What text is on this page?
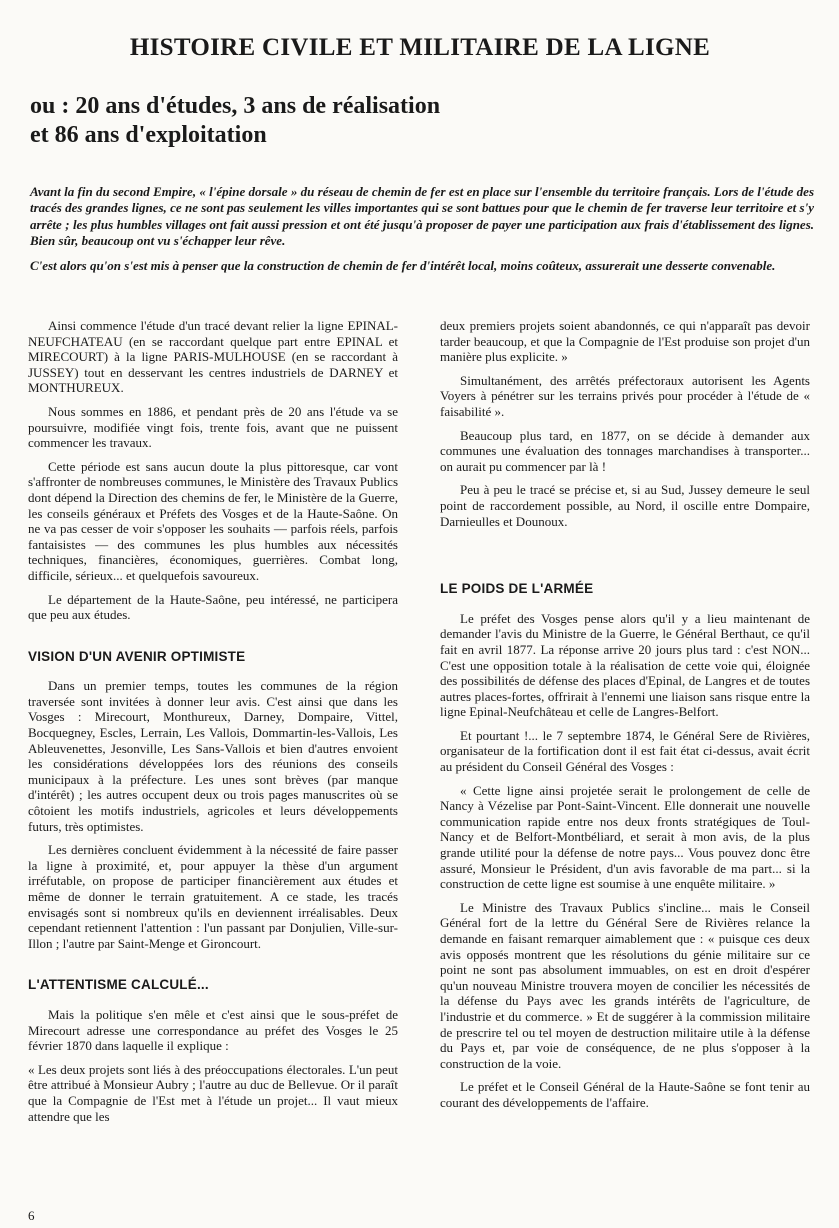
HISTOIRE CIVILE ET MILITAIRE DE LA LIGNE
ou : 20 ans d'études, 3 ans de réalisation
et 86 ans d'exploitation

Avant la fin du second Empire, « l'épine dorsale » du réseau de chemin de fer est en place sur l'ensemble du territoire français. Lors de l'étude des tracés des grandes lignes, ce ne sont pas seulement les villes importantes qui se sont battues pour que le chemin de fer traverse leur territoire et s'y arrête ; les plus humbles villages ont fait aussi pression et ont été jusqu'à proposer de payer une participation aux frais d'établissement des lignes. Bien sûr, beaucoup ont vu s'échapper leur rêve.

C'est alors qu'on s'est mis à penser que la construction de chemin de fer d'intérêt local, moins coûteux, assurerait une desserte convenable.

Ainsi commence l'étude d'un tracé devant relier la ligne EPINAL-NEUFCHATEAU (en se raccordant quelque part entre EPINAL et MIRECOURT) à la ligne PARIS-MULHOUSE (en se raccordant à JUSSEY) tout en desservant les centres industriels de DARNEY et MONTHUREUX.

Nous sommes en 1886, et pendant près de 20 ans l'étude va se poursuivre, modifiée vingt fois, trente fois, avant que ne puissent commencer les travaux.

Cette période est sans aucun doute la plus pittoresque, car vont s'affronter de nombreuses communes, le Ministère des Travaux Publics dont dépend la Direction des chemins de fer, le Ministère de la Guerre, les conseils généraux et Préfets des Vosges et de la Haute-Saône. On ne va pas cesser de voir s'opposer les souhaits — parfois réels, parfois fantaisistes — des communes les plus humbles aux nécessités techniques, financières, économiques, guerrières. Combat long, difficile, sérieux... et quelquefois savoureux.

Le département de la Haute-Saône, peu intéressé, ne participera que peu aux études.

VISION D'UN AVENIR OPTIMISTE

Dans un premier temps, toutes les communes de la région traversée sont invitées à donner leur avis. C'est ainsi que dans les Vosges : Mirecourt, Monthureux, Darney, Dompaire, Vittel, Bocquegney, Escles, Lerrain, Les Vallois, Dommartin-les-Vallois, Les Ableuvenettes, Jesonville, Les Sans-Vallois et bien d'autres envoient les considérations développées lors des réunions des conseils municipaux à la préfecture. Les unes sont brèves (par manque d'intérêt) ; les autres occupent deux ou trois pages manuscrites où se côtoient les motifs industriels, agricoles et leurs développements futurs, très optimistes.

Les dernières concluent évidemment à la nécessité de faire passer la ligne à proximité, et, pour appuyer la thèse d'un argument irréfutable, on propose de participer financièrement aux études et même de donner le terrain gratuitement. A ce stade, les tracés envisagés sont si nombreux qu'ils en deviennent irréalisables. Deux cependant retiennent l'attention : l'un passant par Donjulien, Ville-sur-Illon ; l'autre par Saint-Menge et Gironcourt.

L'ATTENTISME CALCULÉ...

Mais la politique s'en mêle et c'est ainsi que le sous-préfet de Mirecourt adresse une correspondance au préfet des Vosges le 25 février 1870 dans laquelle il explique :

« Les deux projets sont liés à des préoccupations électorales. L'un peut être attribué à Monsieur Aubry ; l'autre au duc de Bellevue. Or il paraît que la Compagnie de l'Est met à l'étude un projet... Il vaut mieux attendre que les

deux premiers projets soient abandonnés, ce qui n'apparaît pas devoir tarder beaucoup, et que la Compagnie de l'Est produise son projet d'un manière plus explicite. »

Simultanément, des arrêtés préfectoraux autorisent les Agents Voyers à pénétrer sur les terrains privés pour procéder à l'étude de « faisabilité ».

Beaucoup plus tard, en 1877, on se décide à demander aux communes une évaluation des tonnages marchandises à transporter... on aurait pu commencer par là !

Peu à peu le tracé se précise et, si au Sud, Jussey demeure le seul point de raccordement possible, au Nord, il oscille entre Dompaire, Darnieulles et Dounoux.

LE POIDS DE L'ARMÉE

Le préfet des Vosges pense alors qu'il y a lieu maintenant de demander l'avis du Ministre de la Guerre, le Général Berthaut, ce qu'il fait en avril 1877. La réponse arrive 20 jours plus tard : c'est NON... C'est une opposition totale à la réalisation de cette voie qui, éloignée des possibilités de défense des places d'Epinal, de Langres et de toutes autres places-fortes, offrirait à l'ennemi une liaison sans risque entre la ligne Epinal-Neufchâteau et celle de Langres-Belfort.

Et pourtant !... le 7 septembre 1874, le Général Sere de Rivières, organisateur de la fortification dont il est fait état ci-dessus, avait écrit au président du Conseil Général des Vosges :

« Cette ligne ainsi projetée serait le prolongement de celle de Nancy à Vézelise par Pont-Saint-Vincent. Elle donnerait une nouvelle communication rapide entre nos deux fronts stratégiques de Toul-Nancy et de Belfort-Montbéliard, et serait à mon avis, de la plus grande utilité pour la défense de notre pays... Vous pouvez donc être assuré, Monsieur le Président, d'un avis favorable de ma part... si la construction de cette ligne est soumise à une enquête militaire. »

Le Ministre des Travaux Publics s'incline... mais le Conseil Général fort de la lettre du Général Sere de Rivières relance la demande en faisant remarquer aimablement que : « puisque ces deux avis opposés montrent que les résolutions du génie militaire sur ce point ne sont pas absolument immuables, on est en droit d'espérer qu'un nouveau Ministre trouvera moyen de concilier les nécessités de la défense du Pays avec les grands intérêts de l'agriculture, de l'industrie et du commerce. » Et de suggérer à la commission militaire de prescrire tel ou tel moyen de destruction militaire utile à la défense du Pays et, par voie de conséquence, de ne plus s'opposer à la construction de la voie.

Le préfet et le Conseil Général de la Haute-Saône se font tenir au courant des développements de l'affaire.

6
